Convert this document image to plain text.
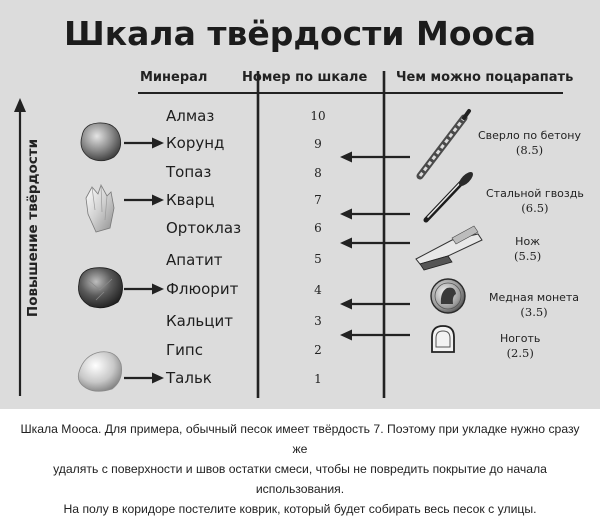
Шкала твёрдости Мооса
Минерал	Номер по шкале Чем можно поцарапать
Повышение твёрдости
Алмаз
Корунд
Топаз
Кварц
Ортоклаз
Апатит
Флюорит
Кальцит
Гипс
Тальк
10
9
8
7
6
5
4
3
2
1
Сверло по бетону
(8.5)
Стальной гвоздь
(6.5)
Нож
(5.5)
Медная монета
(3.5)
Ноготь
(2.5)
Шкала Мооса. Для примера, обычный песок имеет твёрдость 7. Поэтому при укладке нужно сразу же
удалять с поверхности и швов остатки смеси, чтобы не повредить покрытие до начала использования.
На полу в коридоре постелите коврик, который будет собирать весь песок с улицы.
